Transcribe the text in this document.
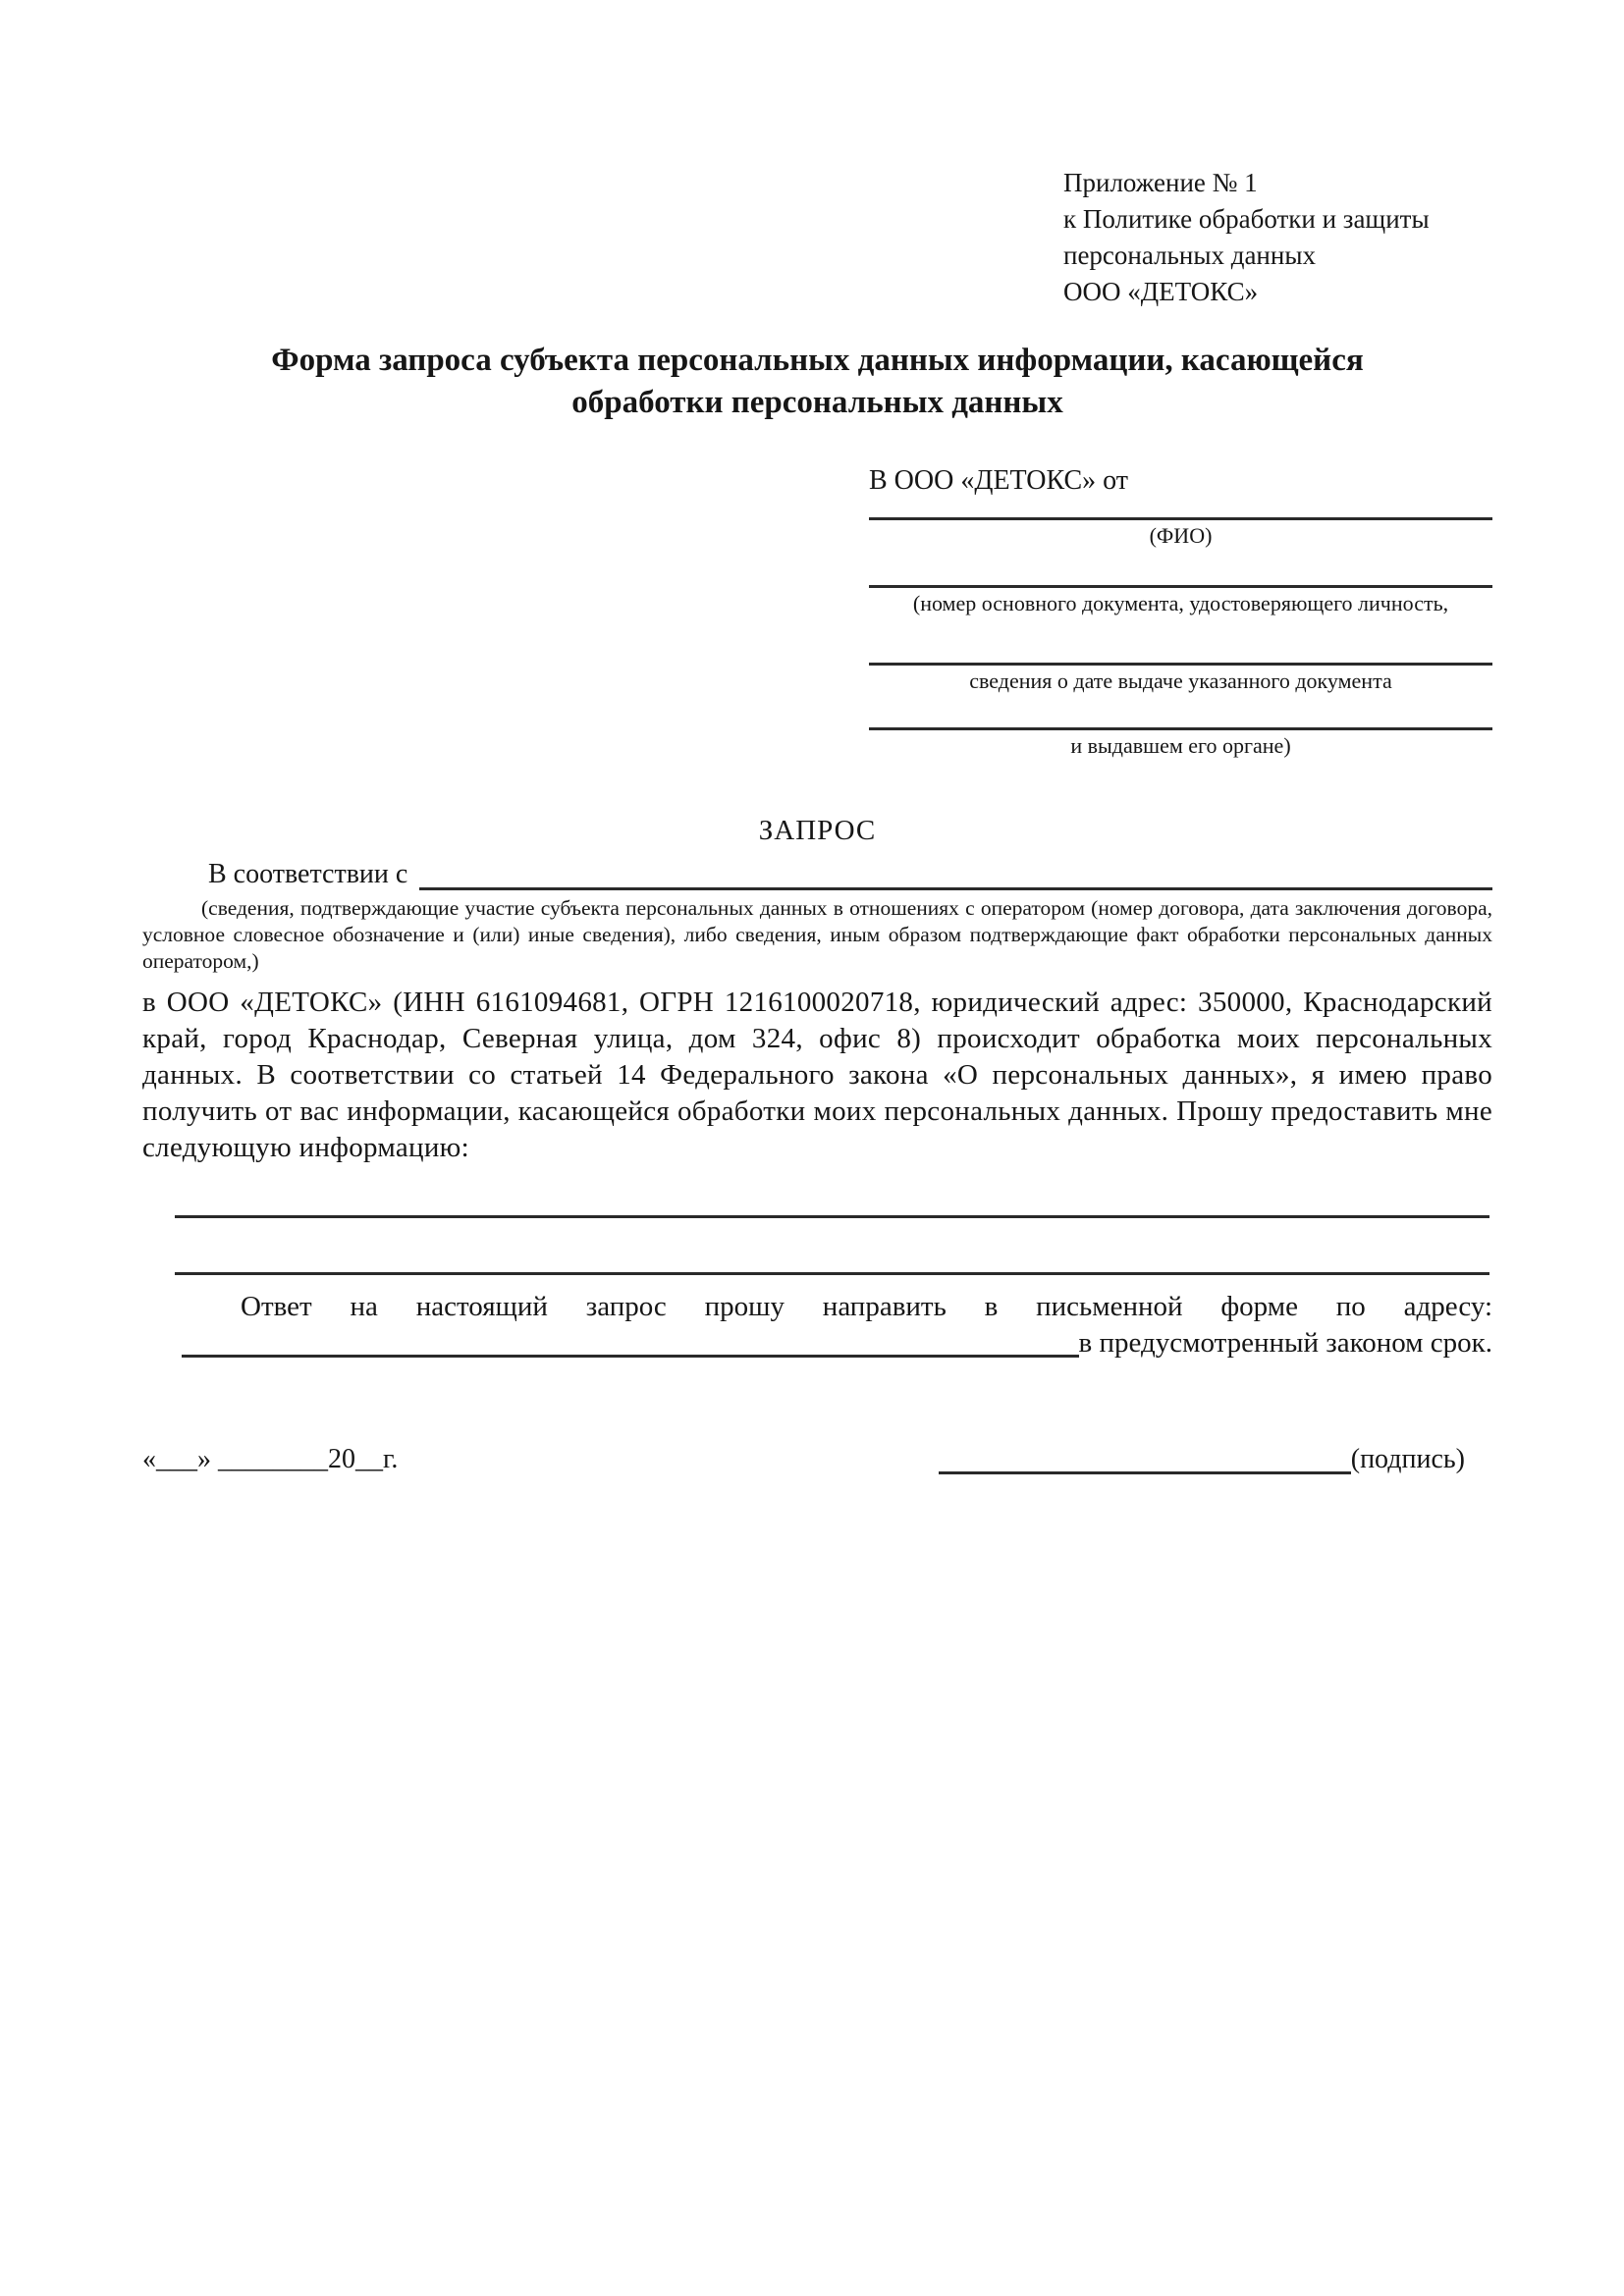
Приложение № 1
к Политике обработки и защиты
персональных данных
ООО «ДЕТОКС»
Форма запроса субъекта персональных данных информации, касающейся обработки персональных данных
В ООО «ДЕТОКС» от
(ФИО)
(номер основного документа, удостоверяющего личность,
сведения о дате выдаче указанного документа
и выдавшем его органе)
ЗАПРОС
В соответствии с
(сведения, подтверждающие участие субъекта персональных данных в отношениях с оператором (номер договора, дата заключения договора, условное словесное обозначение и (или) иные сведения), либо сведения, иным образом подтверждающие факт обработки персональных данных оператором,)
в ООО «ДЕТОКС» (ИНН 6161094681, ОГРН 1216100020718, юридический адрес: 350000, Краснодарский край, город Краснодар, Северная улица, дом 324, офис 8) происходит обработка моих персональных данных. В соответствии со статьей 14 Федерального закона «О персональных данных», я имею право получить от вас информации, касающейся обработки моих персональных данных. Прошу предоставить мне следующую информацию:
Ответ на настоящий запрос прошу направить в письменной форме по адресу:
в предусмотренный законом срок.
«___» ________20__г.	(подпись)
